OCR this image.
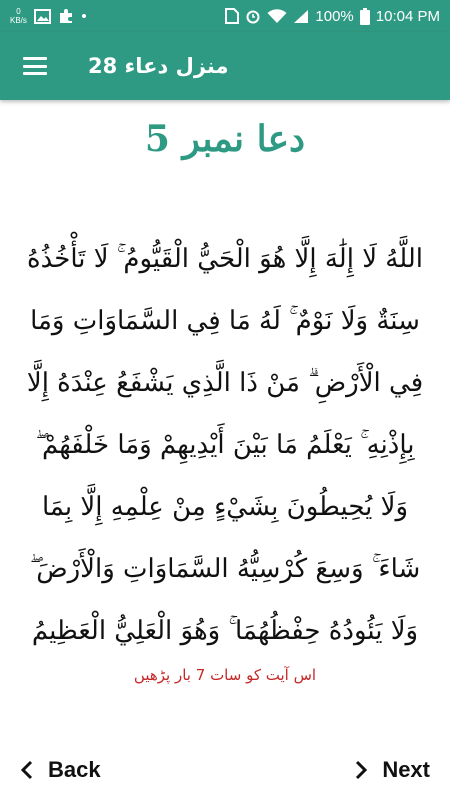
0
KB/s	100% 10:04 PM
منزل دعاء 28
دعا نمبر 5
اللَّهُ لَا إِلَٰهَ إِلَّا هُوَ الْحَيُّ الْقَيُّومُ ۚ لَا تَأْخُذُهُ سِنَةٌ وَلَا نَوْمٌ ۚ لَهُ مَا فِي السَّمَاوَاتِ وَمَا فِي الْأَرْضِ ۗ مَنْ ذَا الَّذِي يَشْفَعُ عِنْدَهُ إِلَّا بِإِذْنِهِ ۚ يَعْلَمُ مَا بَيْنَ أَيْدِيهِمْ وَمَا خَلْفَهُمْ ۖ وَلَا يُحِيطُونَ بِشَيْءٍ مِنْ عِلْمِهِ إِلَّا بِمَا شَاءَ ۚ وَسِعَ كُرْسِيُّهُ السَّمَاوَاتِ وَالْأَرْضَ ۖ وَلَا يَئُودُهُ حِفْظُهُمَا ۚ وَهُوَ الْعَلِيُّ الْعَظِيمُ
اس آیت کو سات 7 بار پڑھیں
Back	Next
